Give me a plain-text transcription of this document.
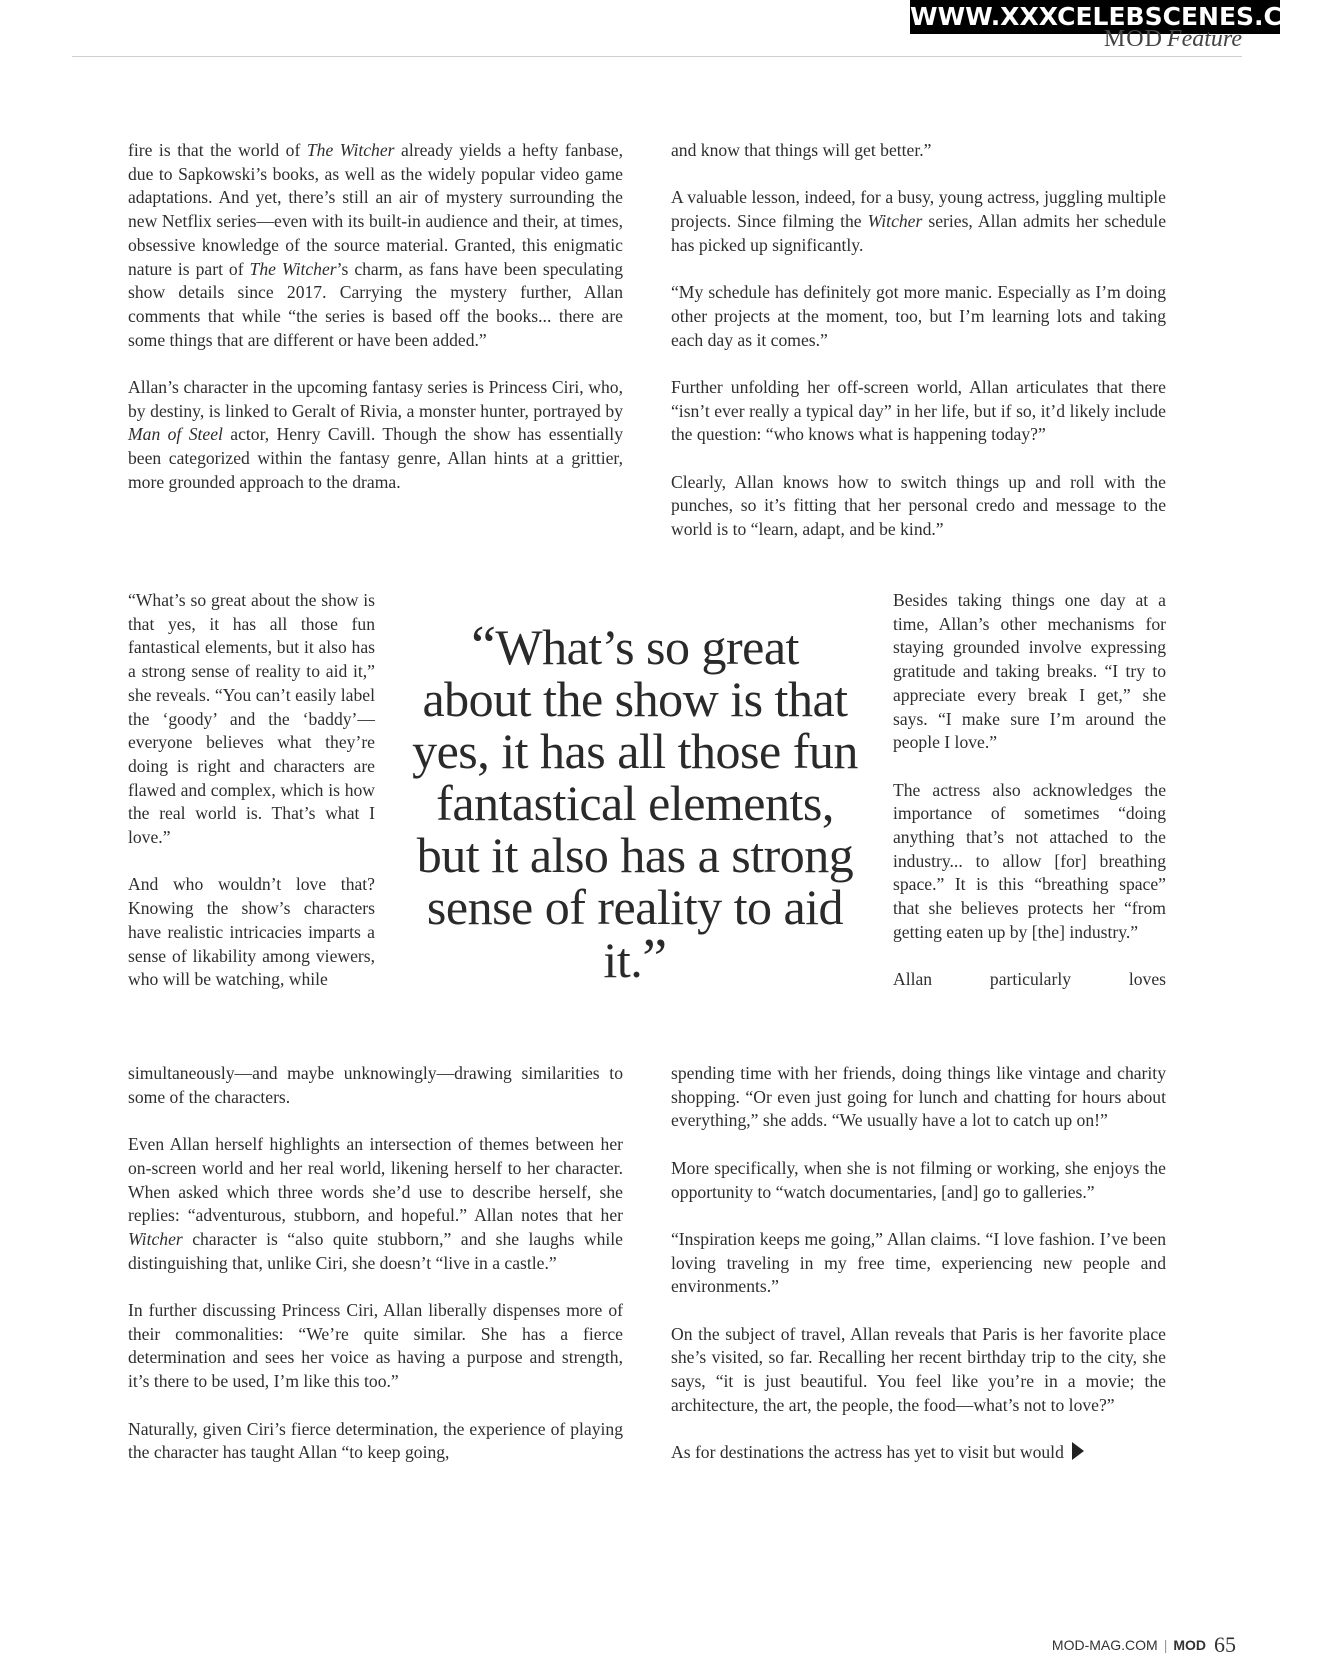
WWW.XXXCELEBSCENES.COM
MOD Feature

fire is that the world of The Witcher already yields a hefty fanbase, due to Sapkowski’s books, as well as the widely popular video game adaptations. And yet, there’s still an air of mystery surrounding the new Netflix series—even with its built-in audience and their, at times, obsessive knowledge of the source material. Granted, this enigmatic nature is part of The Witcher’s charm, as fans have been speculating show details since 2017. Carrying the mystery further, Allan comments that while “the series is based off the books... there are some things that are different or have been added.”

Allan’s character in the upcoming fantasy series is Princess Ciri, who, by destiny, is linked to Geralt of Rivia, a monster hunter, portrayed by Man of Steel actor, Henry Cavill. Though the show has essentially been categorized within the fantasy genre, Allan hints at a grittier, more grounded approach to the drama.

“What’s so great about the show is that yes, it has all those fun fantastical elements, but it also has a strong sense of reality to aid it,” she reveals. “You can’t easily label the ‘goody’ and the ‘baddy’—everyone believes what they’re doing is right and characters are flawed and complex, which is how the real world is. That’s what I love.”

And who wouldn’t love that? Knowing the show’s characters have realistic intricacies imparts a sense of likability among viewers, who will be watching, while

simultaneously—and maybe unknowingly—drawing similarities to some of the characters.

Even Allan herself highlights an intersection of themes between her on-screen world and her real world, likening herself to her character. When asked which three words she’d use to describe herself, she replies: “adventurous, stubborn, and hopeful.” Allan notes that her Witcher character is “also quite stubborn,” and she laughs while distinguishing that, unlike Ciri, she doesn’t “live in a castle.”

In further discussing Princess Ciri, Allan liberally dispenses more of their commonalities: “We’re quite similar. She has a fierce determination and sees her voice as having a purpose and strength, it’s there to be used, I’m like this too.”

Naturally, given Ciri’s fierce determination, the experience of playing the character has taught Allan “to keep going,

and know that things will get better.”

A valuable lesson, indeed, for a busy, young actress, juggling multiple projects. Since filming the Witcher series, Allan admits her schedule has picked up significantly.

“My schedule has definitely got more manic. Especially as I’m doing other projects at the moment, too, but I’m learning lots and taking each day as it comes.”

Further unfolding her off-screen world, Allan articulates that there “isn’t ever really a typical day” in her life, but if so, it’d likely include the question: “who knows what is happening today?”

Clearly, Allan knows how to switch things up and roll with the punches, so it’s fitting that her personal credo and message to the world is to “learn, adapt, and be kind.”

Besides taking things one day at a time, Allan’s other mechanisms for staying grounded involve expressing gratitude and taking breaks. “I try to appreciate every break I get,” she says. “I make sure I’m around the people I love.”

The actress also acknowledges the importance of sometimes “doing anything that’s not attached to the industry... to allow [for] breathing space.” It is this “breathing space” that she believes protects her “from getting eaten up by [the] industry.”

Allan particularly loves

spending time with her friends, doing things like vintage and charity shopping. “Or even just going for lunch and chatting for hours about everything,” she adds. “We usually have a lot to catch up on!”

More specifically, when she is not filming or working, she enjoys the opportunity to “watch documentaries, [and] go to galleries.”

“Inspiration keeps me going,” Allan claims. “I love fashion. I’ve been loving traveling in my free time, experiencing new people and environments.”

On the subject of travel, Allan reveals that Paris is her favorite place she’s visited, so far. Recalling her recent birthday trip to the city, she says, “it is just beautiful. You feel like you’re in a movie; the architecture, the art, the people, the food—what’s not to love?”

As for destinations the actress has yet to visit but would

“What’s so great about the show is that yes, it has all those fun fantastical elements, but it also has a strong sense of reality to aid it.”
MOD-MAG.COM | MOD 65
